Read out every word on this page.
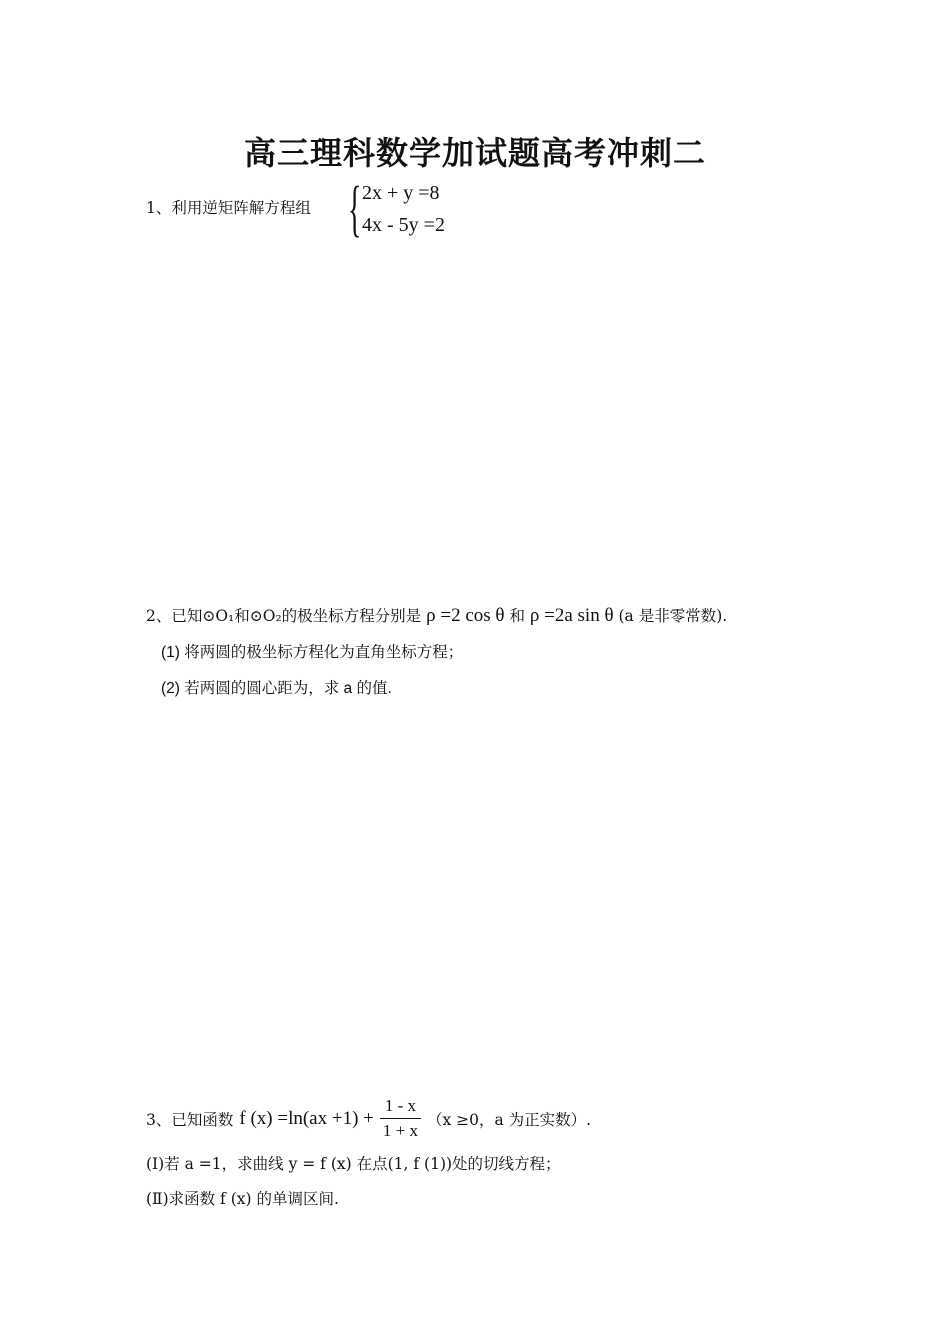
高三理科数学加试题高考冲刺二
1、利用逆矩阵解方程组 { 2x + y =8
4x - 5y =2
2、已知⊙O₁和⊙O₂的极坐标方程分别是 ρ =2 cos θ 和 ρ =2a sin θ (a 是非零常数).
(1) 将两圆的极坐标方程化为直角坐标方程；
(2) 若两圆的圆心距为，求 a 的值.
3、已知函数 f $(x) =\ln(ax +1) + \frac{1 - x}{1 + x} (x \ge 0$，a 为正实数）.
(Ⅰ)若 a =1，求曲线 y = f (x) 在点(1, f (1))处的切线方程；
(Ⅱ)求函数 f (x) 的单调区间.
